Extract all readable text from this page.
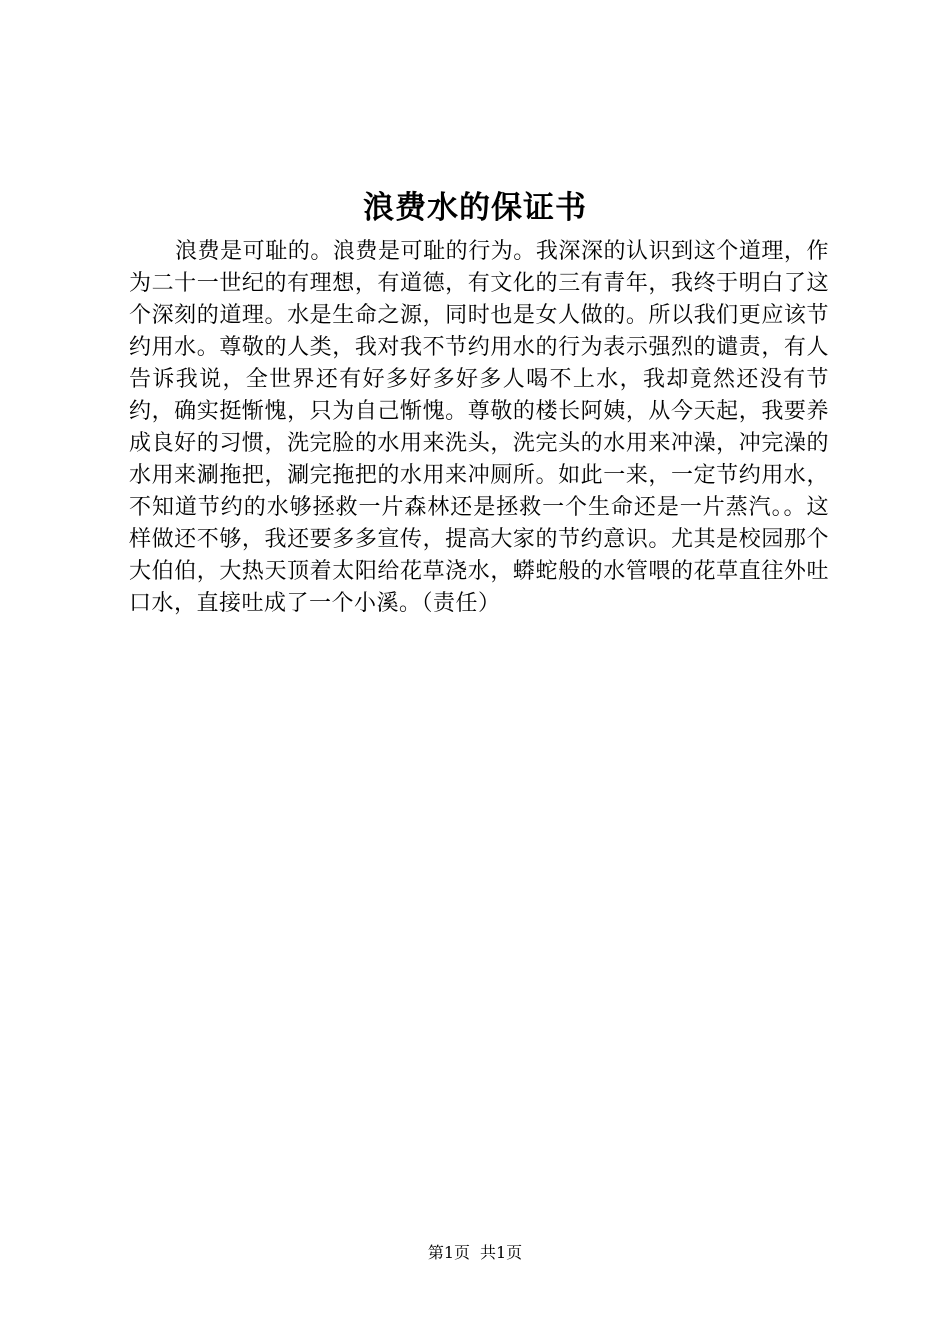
浪费水的保证书

浪费是可耻的。浪费是可耻的行为。我深深的认识到这个道理，作为二十一世纪的有理想，有道德，有文化的三有青年，我终于明白了这个深刻的道理。水是生命之源，同时也是女人做的。所以我们更应该节约用水。尊敬的人类，我对我不节约用水的行为表示强烈的谴责，有人告诉我说，全世界还有好多好多好多人喝不上水，我却竟然还没有节约，确实挺惭愧，只为自己惭愧。尊敬的楼长阿姨，从今天起，我要养成良好的习惯，洗完脸的水用来洗头，洗完头的水用来冲澡，冲完澡的水用来涮拖把，涮完拖把的水用来冲厕所。如此一来，一定节约用水，不知道节约的水够拯救一片森林还是拯救一个生命还是一片蒸汽。。这样做还不够，我还要多多宣传，提高大家的节约意识。尤其是校园那个大伯伯，大热天顶着太阳给花草浇水，蟒蛇般的水管喂的花草直往外吐口水，直接吐成了一个小溪。（责任）

第1页 共1页
